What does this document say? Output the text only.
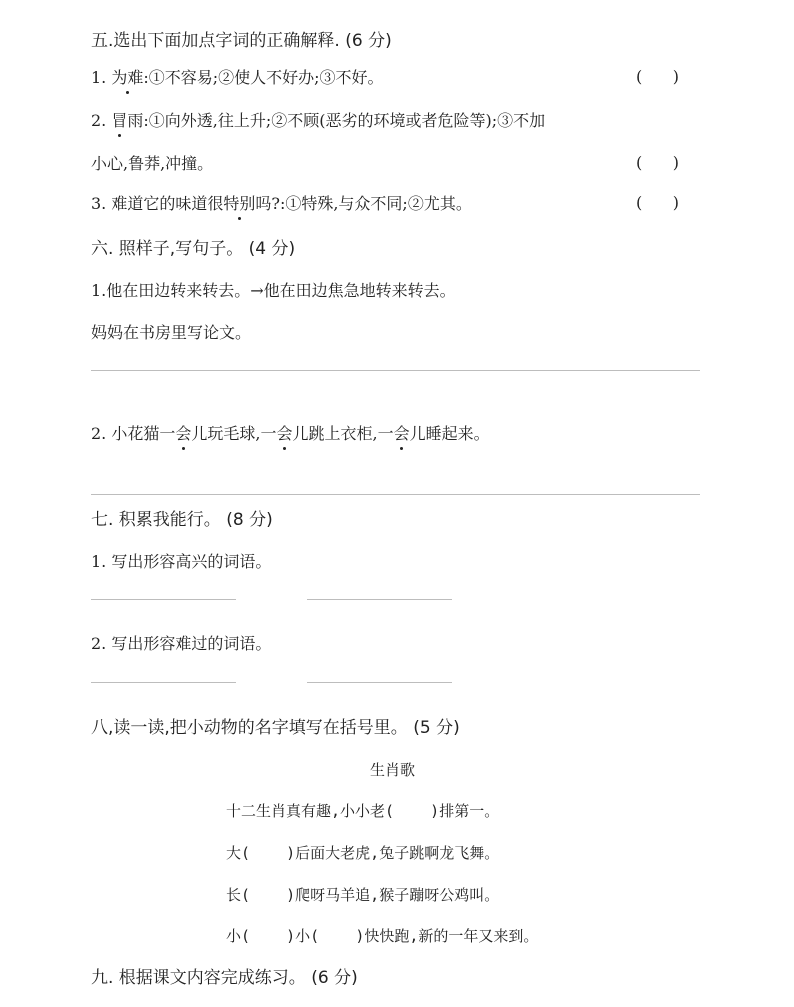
五.选出下面加点字词的正确解释. (6 分)
1. 为难:①不容易;②使人不好办;③不好。	(      )
2. 冒雨:①向外透,往上升;②不顾(恶劣的环境或者危险等);③不加
小心,鲁莽,冲撞。	(      )
3. 难道它的味道很特别吗?:①特殊,与众不同;②尤其。	(      )
六. 照样子,写句子。 (4 分)
1.他在田边转来转去。→他在田边焦急地转来转去。
妈妈在书房里写论文。
2. 小花猫一会儿玩毛球,一会儿跳上衣柜,一会儿睡起来。
七. 积累我能行。 (8 分)
1. 写出形容高兴的词语。
2. 写出形容难过的词语。
八,读一读,把小动物的名字填写在括号里。 (5 分)
生肖歌
十二生肖真有趣,小小老(    )排第一。
大(    )后面大老虎,兔子跳啊龙飞舞。
长(    )爬呀马羊追,猴子蹦呀公鸡叫。
小(    )小(    )快快跑,新的一年又来到。
九. 根据课文内容完成练习。 (6 分)
